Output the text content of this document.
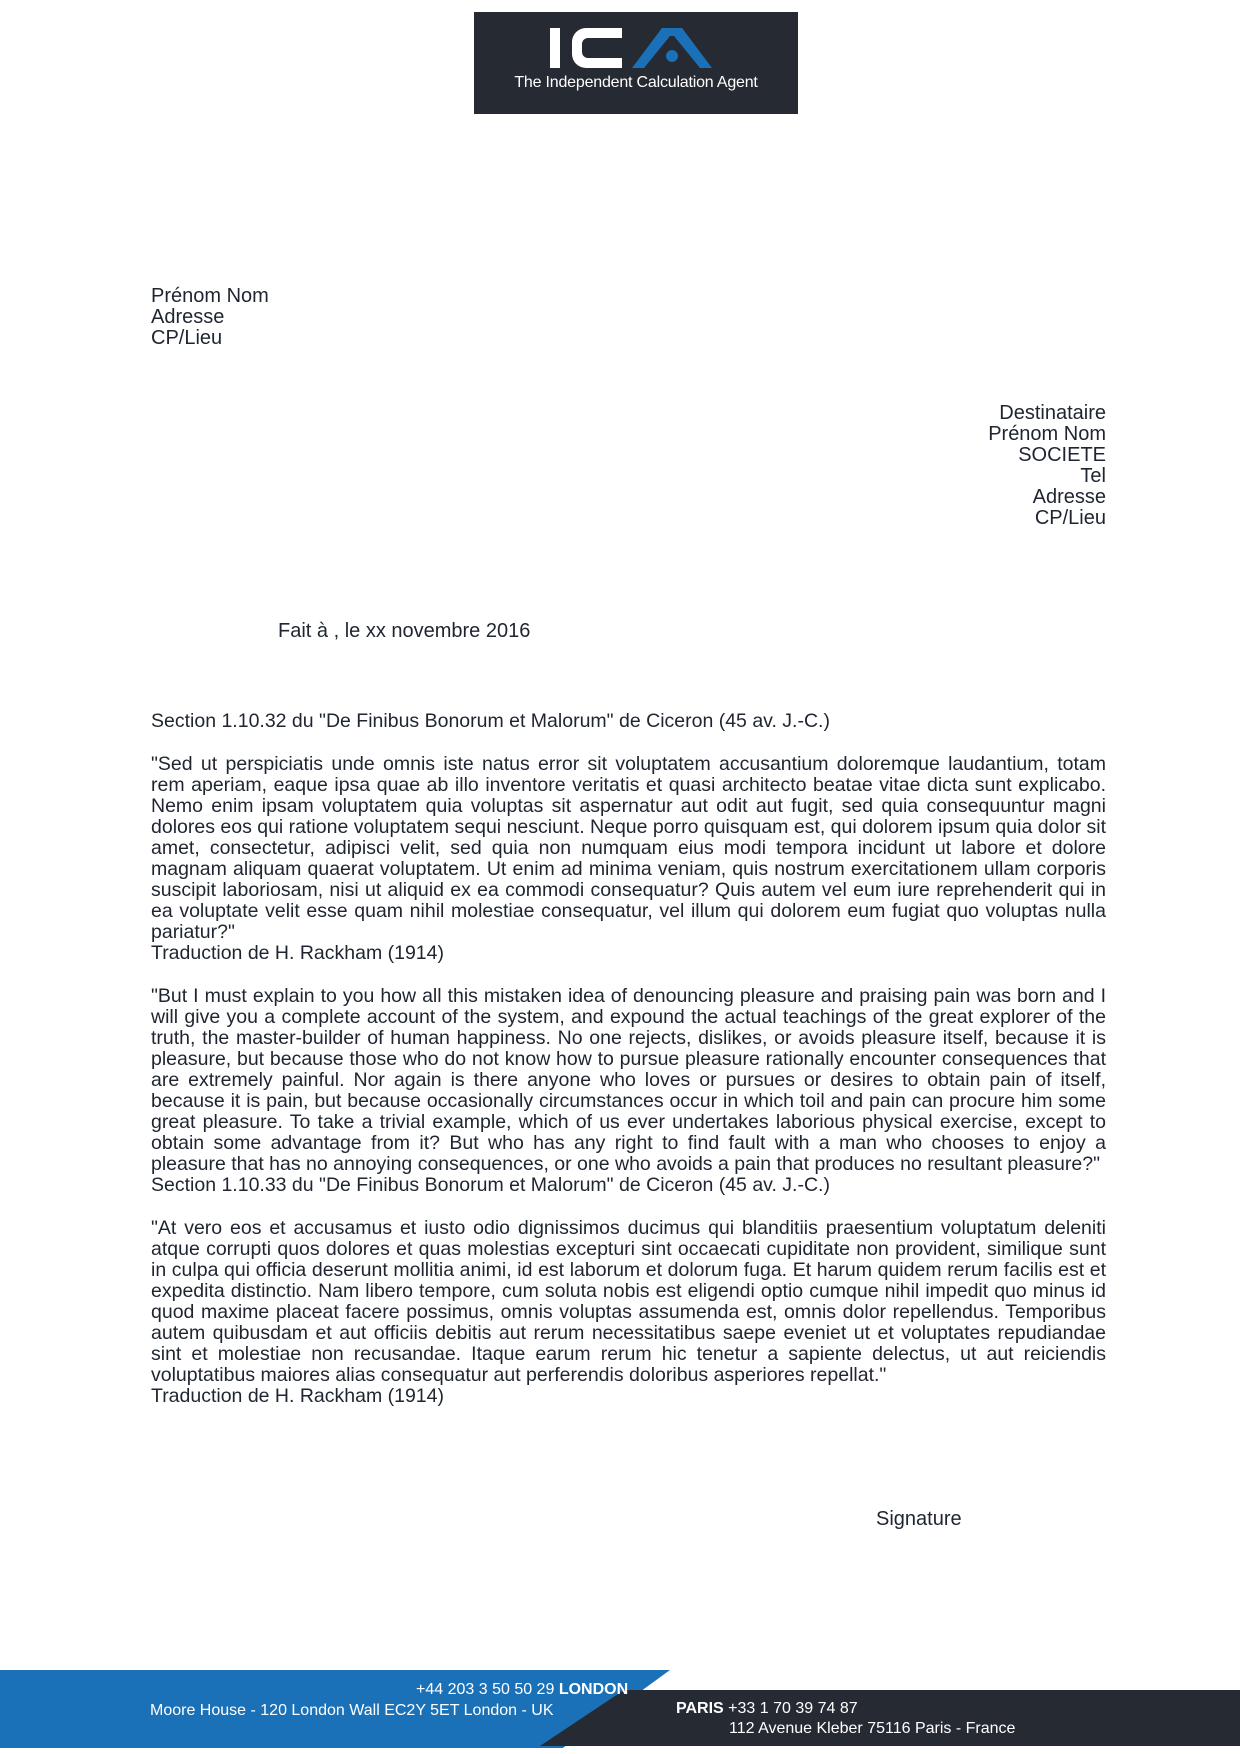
The Independent Calculation Agent
Prénom Nom
Adresse
CP/Lieu
Destinataire
Prénom Nom
SOCIETE
Tel
Adresse
CP/Lieu
Fait à , le xx novembre 2016

Section 1.10.32 du "De Finibus Bonorum et Malorum" de Ciceron (45 av. J.-C.)

"Sed ut perspiciatis unde omnis iste natus error sit voluptatem accusantium doloremque laudantium, totam rem aperiam, eaque ipsa quae ab illo inventore veritatis et quasi architecto beatae vitae dicta sunt explicabo. Nemo enim ipsam voluptatem quia voluptas sit aspernatur aut odit aut fugit, sed quia consequuntur magni dolores eos qui ratione voluptatem sequi nesciunt. Neque porro quisquam est, qui dolorem ipsum quia dolor sit amet, consectetur, adipisci velit, sed quia non numquam eius modi tempora incidunt ut labore et dolore magnam aliquam quaerat voluptatem. Ut enim ad minima veniam, quis nostrum exercitationem ullam corporis suscipit laboriosam, nisi ut aliquid ex ea commodi consequatur? Quis autem vel eum iure reprehenderit qui in ea voluptate velit esse quam nihil molestiae consequatur, vel illum qui dolorem eum fugiat quo voluptas nulla pariatur?"

Traduction de H. Rackham (1914)

"But I must explain to you how all this mistaken idea of denouncing pleasure and praising pain was born and I will give you a complete account of the system, and expound the actual teachings of the great explorer of the truth, the master-builder of human happiness. No one rejects, dislikes, or avoids pleasure itself, because it is pleasure, but because those who do not know how to pursue pleasure rationally encounter consequences that are extremely painful. Nor again is there anyone who loves or pursues or desires to obtain pain of itself, because it is pain, but because occasionally circumstances occur in which toil and pain can procure him some great pleasure. To take a trivial example, which of us ever undertakes laborious physical exercise, except to obtain some advantage from it? But who has any right to find fault with a man who chooses to enjoy a pleasure that has no annoying consequences, or one who avoids a pain that produces no resultant pleasure?"

Section 1.10.33 du "De Finibus Bonorum et Malorum" de Ciceron (45 av. J.-C.)

"At vero eos et accusamus et iusto odio dignissimos ducimus qui blanditiis praesentium voluptatum deleniti atque corrupti quos dolores et quas molestias excepturi sint occaecati cupiditate non provident, similique sunt in culpa qui officia deserunt mollitia animi, id est laborum et dolorum fuga. Et harum quidem rerum facilis est et expedita distinctio. Nam libero tempore, cum soluta nobis est eligendi optio cumque nihil impedit quo minus id quod maxime placeat facere possimus, omnis voluptas assumenda est, omnis dolor repellendus. Temporibus autem quibusdam et aut officiis debitis aut rerum necessitatibus saepe eveniet ut et voluptates repudiandae sint et molestiae non recusandae. Itaque earum rerum hic tenetur a sapiente delectus, ut aut reiciendis voluptatibus maiores alias consequatur aut perferendis doloribus asperiores repellat."

Traduction de H. Rackham (1914)

Signature
+44 203 3 50 50 29 LONDON
Moore House - 120 London Wall EC2Y 5ET London - UK	PARIS +33 1 70 39 74 87
112 Avenue Kleber 75116 Paris - France
